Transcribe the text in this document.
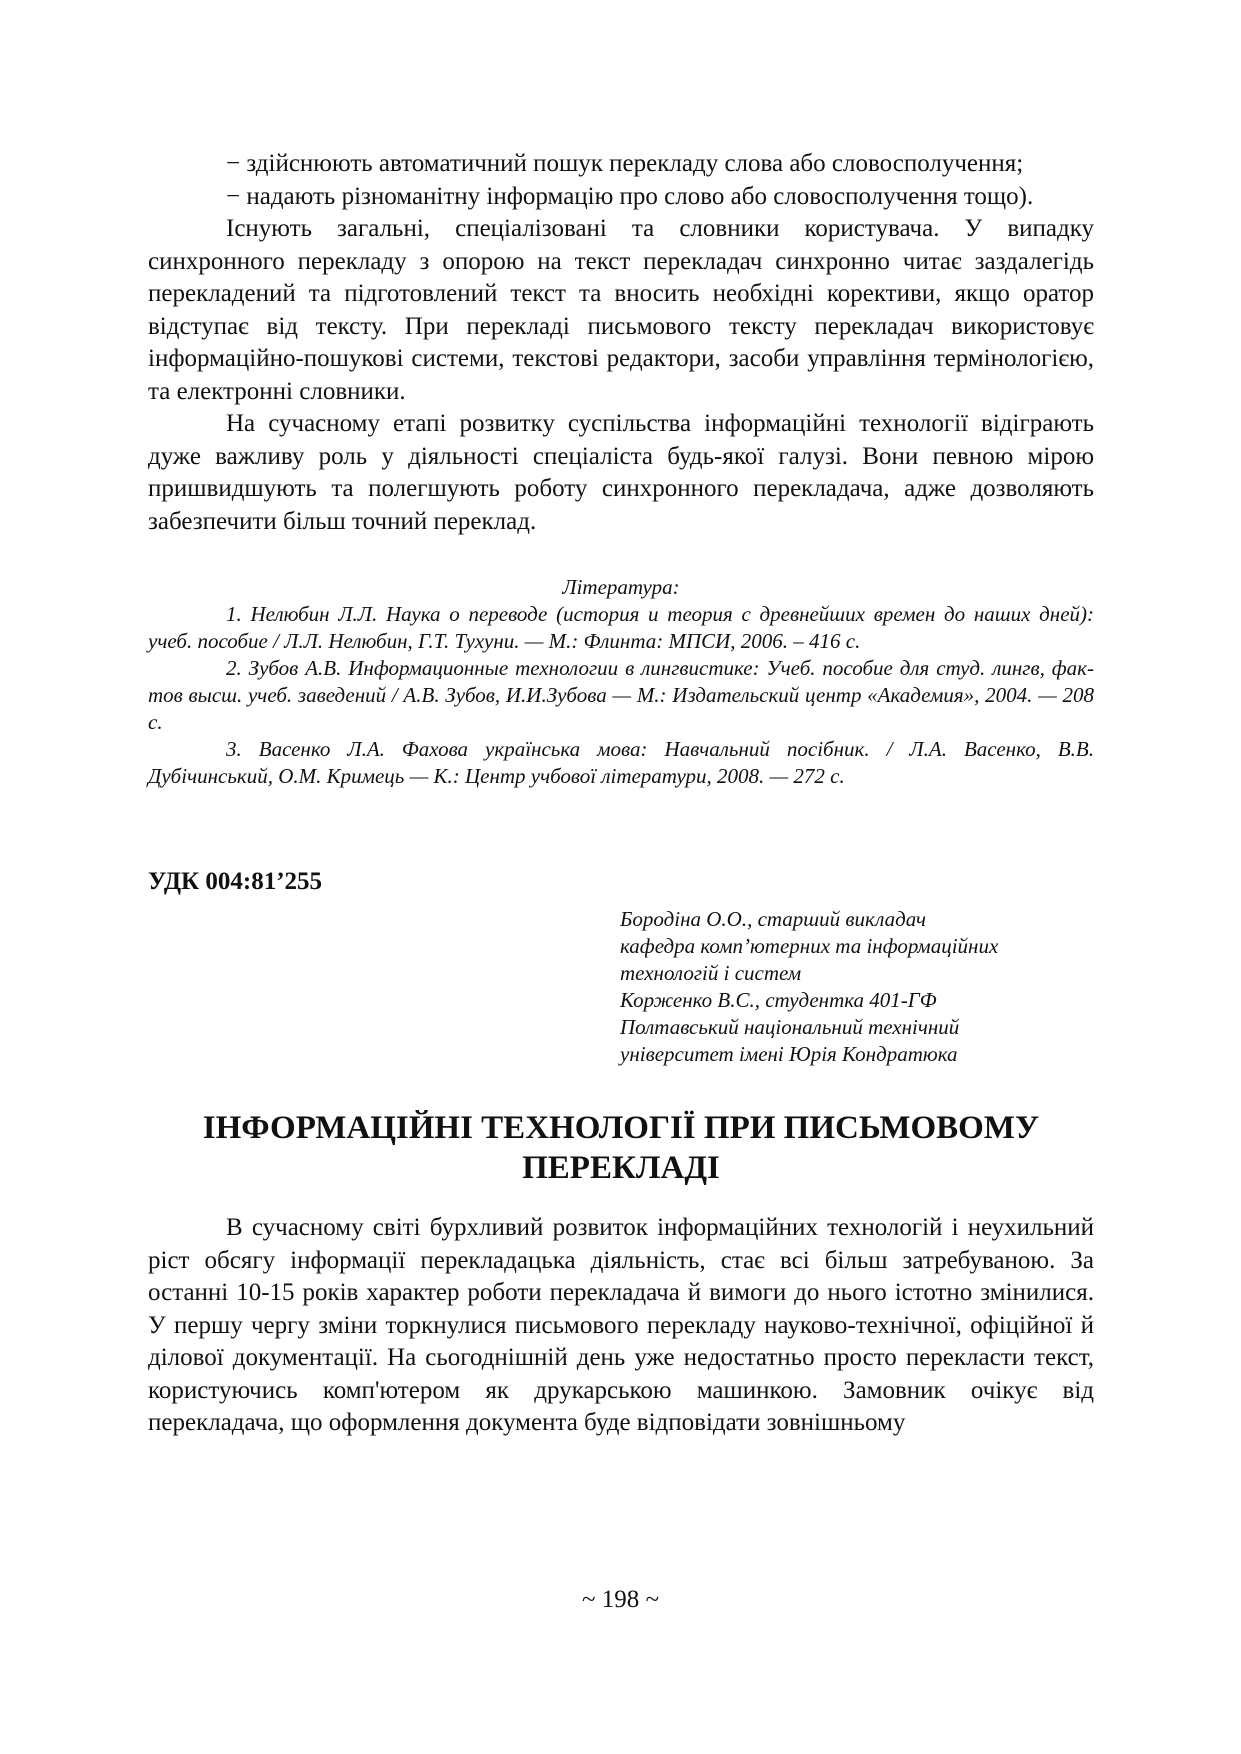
− здійснюють автоматичний пошук перекладу слова або словосполучення;

− надають різноманітну інформацію про слово або словосполучення тощо).

Існують загальні, спеціалізовані та словники користувача. У випадку синхронного перекладу з опорою на текст перекладач синхронно читає заздалегідь перекладений та підготовлений текст та вносить необхідні корективи, якщо оратор відступає від тексту. При перекладі письмового тексту перекладач використовує інформаційно-пошукові системи, текстові редактори, засоби управління термінологією, та електронні словники.

На сучасному етапі розвитку суспільства інформаційні технології відіграють дуже важливу роль у діяльності спеціаліста будь-якої галузі. Вони певною мірою пришвидшують та полегшують роботу синхронного перекладача, адже дозволяють забезпечити більш точний переклад.

Література:

1. Нелюбин Л.Л. Наука о переводе (история и теория с древнейших времен до наших дней): учеб. пособие / Л.Л. Нелюбин, Г.Т. Тухуни. — М.: Флинта: МПСИ, 2006. – 416 с.

2. Зубов А.В. Информационные технологии в лингвистике: Учеб. пособие для студ. лингв, фак-тов высш. учеб. заведений / А.В. Зубов, И.И.Зубова — М.: Издательский центр «Академия», 2004. — 208 с.

3. Васенко Л.А. Фахова українська мова: Навчальний посібник. / Л.А. Васенко, В.В. Дубічинський, О.М. Кримець — К.: Центр учбової літератури, 2008. — 272 с.

УДК 004:81’255

Бородіна О.О., старший викладач
кафедра комп’ютерних та інформаційних
технологій і систем
Корженко В.С., студентка 401-ГФ
Полтавський національний технічний
університет імені Юрія Кондратюка
ІНФОРМАЦІЙНІ ТЕХНОЛОГІЇ ПРИ ПИСЬМОВОМУ
ПЕРЕКЛАДІ

В сучасному світі бурхливий розвиток інформаційних технологій і неухильний ріст обсягу інформації перекладацька діяльність, стає всі більш затребуваною. За останні 10-15 років характер роботи перекладача й вимоги до нього істотно змінилися. У першу чергу зміни торкнулися письмового перекладу науково-технічної, офіційної й ділової документації. На сьогоднішній день уже недостатньо просто перекласти текст, користуючись комп'ютером як друкарською машинкою. Замовник очікує від перекладача, що оформлення документа буде відповідати зовнішньому

~ 198 ~
